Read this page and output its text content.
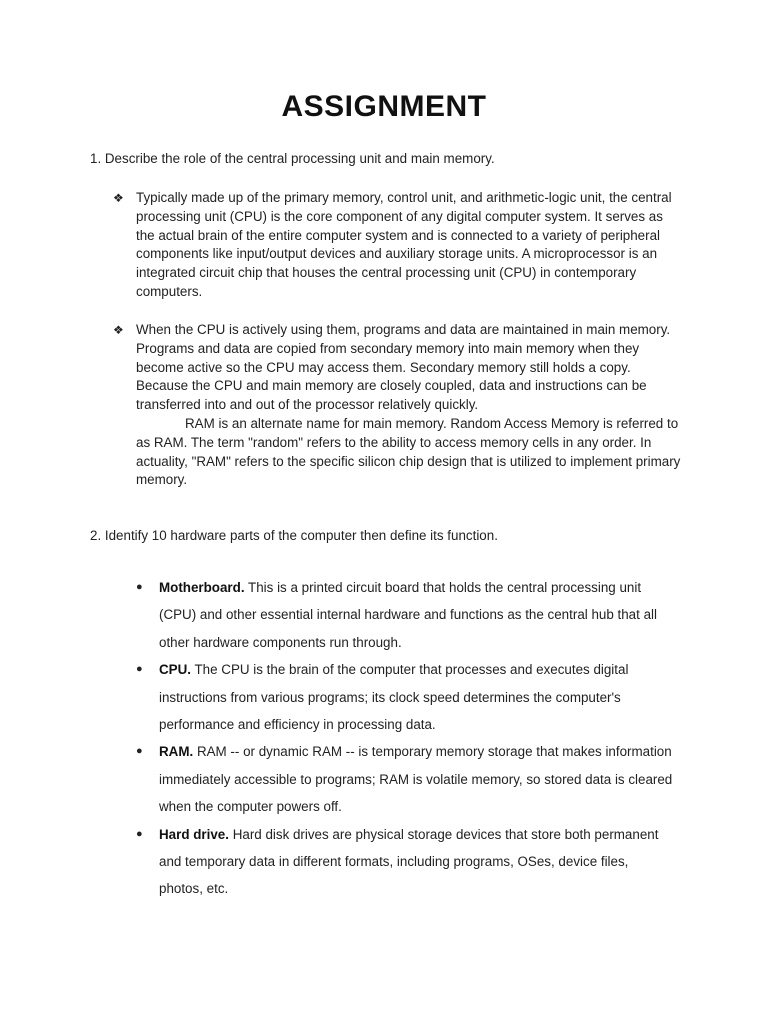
ASSIGNMENT
1. Describe the role of the central processing unit and main memory.
❖ Typically made up of the primary memory, control unit, and arithmetic-logic unit, the central processing unit (CPU) is the core component of any digital computer system. It serves as the actual brain of the entire computer system and is connected to a variety of peripheral components like input/output devices and auxiliary storage units. A microprocessor is an integrated circuit chip that houses the central processing unit (CPU) in contemporary computers.
❖ When the CPU is actively using them, programs and data are maintained in main memory. Programs and data are copied from secondary memory into main memory when they become active so the CPU may access them. Secondary memory still holds a copy. Because the CPU and main memory are closely coupled, data and instructions can be transferred into and out of the processor relatively quickly.
RAM is an alternate name for main memory. Random Access Memory is referred to as RAM. The term "random" refers to the ability to access memory cells in any order. In actuality, "RAM" refers to the specific silicon chip design that is utilized to implement primary memory.
2. Identify 10 hardware parts of the computer then define its function.
● Motherboard. This is a printed circuit board that holds the central processing unit (CPU) and other essential internal hardware and functions as the central hub that all other hardware components run through.
● CPU. The CPU is the brain of the computer that processes and executes digital instructions from various programs; its clock speed determines the computer's performance and efficiency in processing data.
● RAM. RAM -- or dynamic RAM -- is temporary memory storage that makes information immediately accessible to programs; RAM is volatile memory, so stored data is cleared when the computer powers off.
● Hard drive. Hard disk drives are physical storage devices that store both permanent and temporary data in different formats, including programs, OSes, device files, photos, etc.
